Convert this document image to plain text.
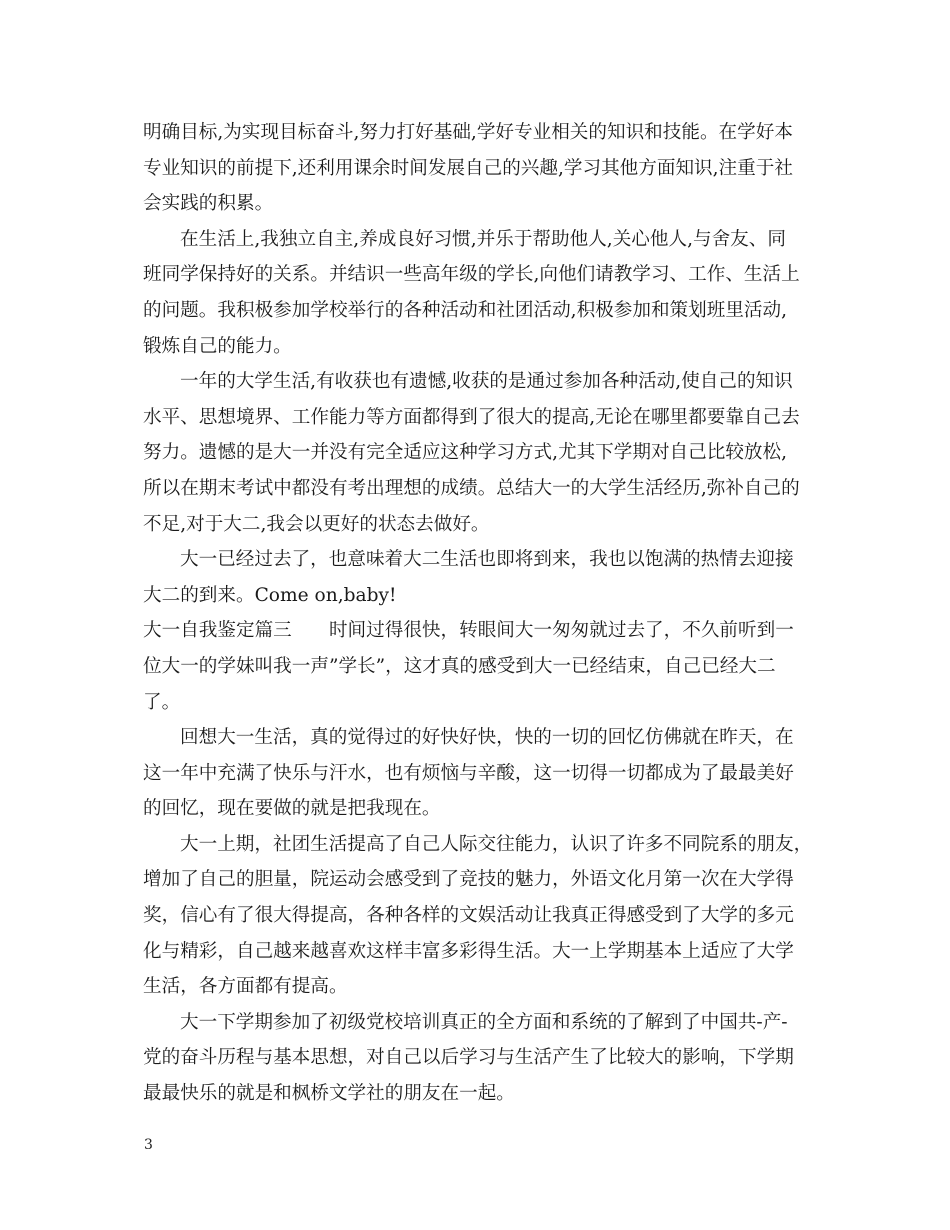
明确目标,为实现目标奋斗,努力打好基础,学好专业相关的知识和技能。在学好本
专业知识的前提下,还利用课余时间发展自己的兴趣,学习其他方面知识,注重于社
会实践的积累。
在生活上,我独立自主,养成良好习惯,并乐于帮助他人,关心他人,与舍友、同
班同学保持好的关系。并结识一些高年级的学长,向他们请教学习、工作、生活上
的问题。我积极参加学校举行的各种活动和社团活动,积极参加和策划班里活动,
锻炼自己的能力。
一年的大学生活,有收获也有遗憾,收获的是通过参加各种活动,使自己的知识
水平、思想境界、工作能力等方面都得到了很大的提高,无论在哪里都要靠自己去
努力。遗憾的是大一并没有完全适应这种学习方式,尤其下学期对自己比较放松,
所以在期末考试中都没有考出理想的成绩。总结大一的大学生活经历,弥补自己的
不足,对于大二,我会以更好的状态去做好。
大一已经过去了，也意味着大二生活也即将到来，我也以饱满的热情去迎接
大二的到来。Come on,baby!
大一自我鉴定篇三　　时间过得很快，转眼间大一匆匆就过去了，不久前听到一
位大一的学妹叫我一声”学长”，这才真的感受到大一已经结束，自己已经大二
了。
回想大一生活，真的觉得过的好快好快，快的一切的回忆仿佛就在昨天，在
这一年中充满了快乐与汗水，也有烦恼与辛酸，这一切得一切都成为了最最美好
的回忆，现在要做的就是把我现在。
大一上期，社团生活提高了自己人际交往能力，认识了许多不同院系的朋友，
增加了自己的胆量，院运动会感受到了竞技的魅力，外语文化月第一次在大学得
奖，信心有了很大得提高，各种各样的文娱活动让我真正得感受到了大学的多元
化与精彩，自己越来越喜欢这样丰富多彩得生活。大一上学期基本上适应了大学
生活，各方面都有提高。
大一下学期参加了初级党校培训真正的全方面和系统的了解到了中国共-产-
党的奋斗历程与基本思想，对自己以后学习与生活产生了比较大的影响，下学期
最最快乐的就是和枫桥文学社的朋友在一起。
3
